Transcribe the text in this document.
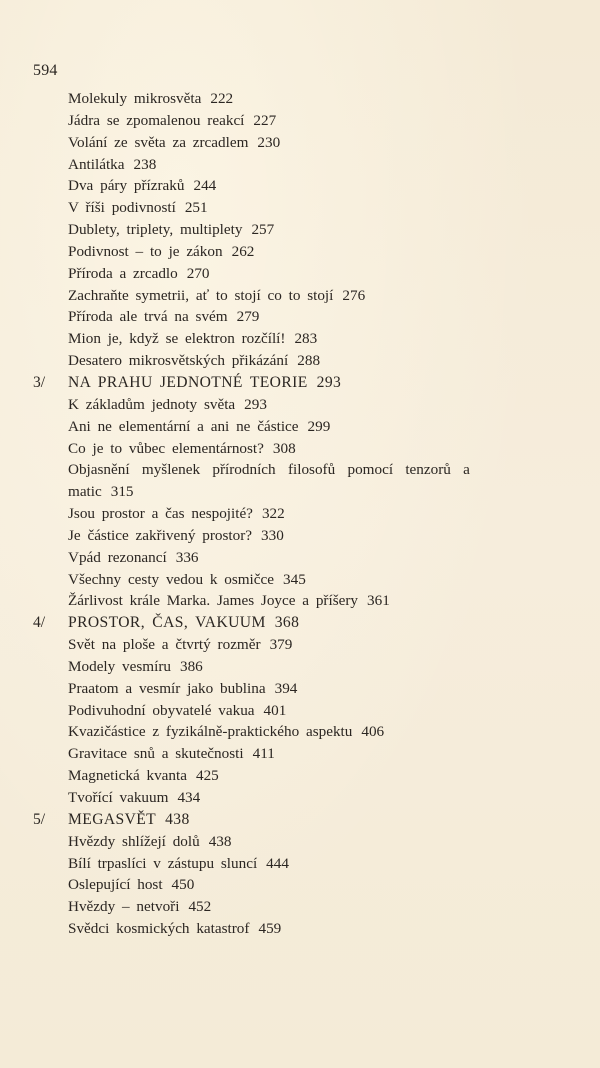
594
Molekuly mikrosvěta 222
Jádra se zpomalenou reakcí 227
Volání ze světa za zrcadlem 230
Antilátka 238
Dva páry přízraků 244
V říši podivností 251
Dublety, triplety, multiplety 257
Podivnost – to je zákon 262
Příroda a zrcadlo 270
Zachraňte symetrii, ať to stojí co to stojí 276
Příroda ale trvá na svém 279
Mion je, když se elektron rozčílí! 283
Desatero mikrosvětských přikázání 288
3/ NA PRAHU JEDNOTNÉ TEORIE 293
K základům jednoty světa 293
Ani ne elementární a ani ne částice 299
Co je to vůbec elementárnost? 308
Objasnění myšlenek přírodních filosofů pomocí tenzorů a
matic 315
Jsou prostor a čas nespojité? 322
Je částice zakřivený prostor? 330
Vpád rezonancí 336
Všechny cesty vedou k osmičce 345
Žárlivost krále Marka. James Joyce a příšery 361
4/ PROSTOR, ČAS, VAKUUM 368
Svět na ploše a čtvrtý rozměr 379
Modely vesmíru 386
Praatom a vesmír jako bublina 394
Podivuhodní obyvatelé vakua 401
Kvazičástice z fyzikálně-praktického aspektu 406
Gravitace snů a skutečnosti 411
Magnetická kvanta 425
Tvořící vakuum 434
5/ MEGASVĚT 438
Hvězdy shlížejí dolů 438
Bílí trpaslíci v zástupu sluncí 444
Oslepující host 450
Hvězdy – netvoři 452
Svědci kosmických katastrof 459
